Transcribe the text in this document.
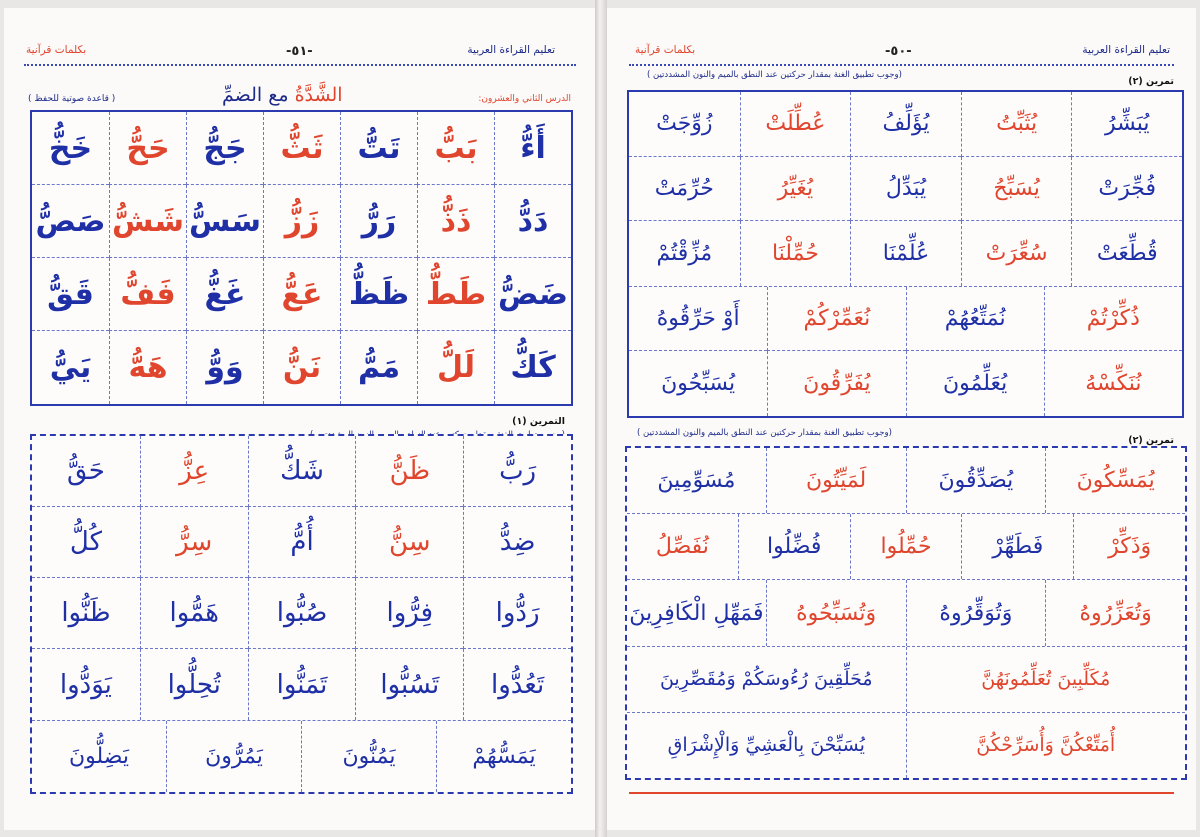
تعليم القراءة العربية
-٥١-
بكلمات قرآنية
الدرس الثاني والعشرون:
الشَّدَّةُ مع الضمِّ
( قاعدة صوتية للحفظ )
أَءُّ
بَبُّ
تَتُّ
ثَثُّ
جَجُّ
حَحُّ
خَخُّ
دَدُّ
ذَذُّ
رَرُّ
زَزُّ
سَسُّ
شَشُّ
صَصُّ
ضَضُّ
طَطُّ
ظَظُّ
عَعُّ
غَغُّ
فَفُّ
قَقُّ
كَكُّ
لَلُّ
مَمُّ
نَنُّ
وَوُّ
هَهُّ
يَيُّ
التمرين (١)
رَبُّ
ظَنُّ
شَكُّ
عِزُّ
حَقُّ
ضِدُّ
سِنُّ
أُمُّ
سِرُّ
كُلُّ
رَدُّوا
فِرُّوا
صُبُّوا
هَمُّوا
ظَنُّوا
تَعُدُّوا
تَسُبُّوا
تَمَنُّوا
تُحِلُّوا
يَوَدُّوا
يَمَسُّهُمْ
يَمُنُّونَ
يَمُرُّونَ
يَضِلُّونَ
تعليم القراءة العربية
-٥٠-
بكلمات قرآنية
(وجوب تطبيق الغنة بمقدار حركتين عند النطق بالميم والنون المشددتين )
تمرين (٢)
يُبَشِّرُ
يُثَبِّتُ
يُؤَلِّفُ
عُطِّلَتْ
زُوِّجَتْ
فُجِّرَتْ
يُسَبِّحُ
يُبَدِّلُ
يُغَيِّرُ
حُرِّمَتْ
قُطِّعَتْ
سُعِّرَتْ
عُلِّمْنَا
حُمِّلْنَا
مُزِّقْتُمْ
ذُكِّرْتُمْ
نُمَتِّعُهُمْ
نُعَمِّرْكُمْ
أَوْ حَرِّقُوهُ
نُنَكِّسْهُ
يُعَلِّمُونَ
يُفَرِّقُونَ
يُسَبِّحُونَ
(وجوب تطبيق الغنة بمقدار حركتين عند النطق بالميم والنون المشددتين )
تمرين (٢)
يُمَسِّكُونَ
يُصَدِّقُونَ
لَمَيِّتُونَ
مُسَوِّمِينَ
وَذَكِّرْ
فَطَهِّرْ
حُمِّلُوا
فُضِّلُوا
نُفَصِّلُ
وَتُعَزِّرُوهُ
وَتُوَقِّرُوهُ
وَتُسَبِّحُوهُ
فَمَهِّلِ الْكَافِرِينَ
مُكَلِّبِينَ تُعَلِّمُونَهُنَّ
مُحَلِّقِينَ رُءُوسَكُمْ وَمُقَصِّرِينَ
أُمَتِّعْكُنَّ وَأُسَرِّحْكُنَّ
يُسَبِّحْنَ بِالْعَشِيِّ وَالْإِشْرَاقِ
